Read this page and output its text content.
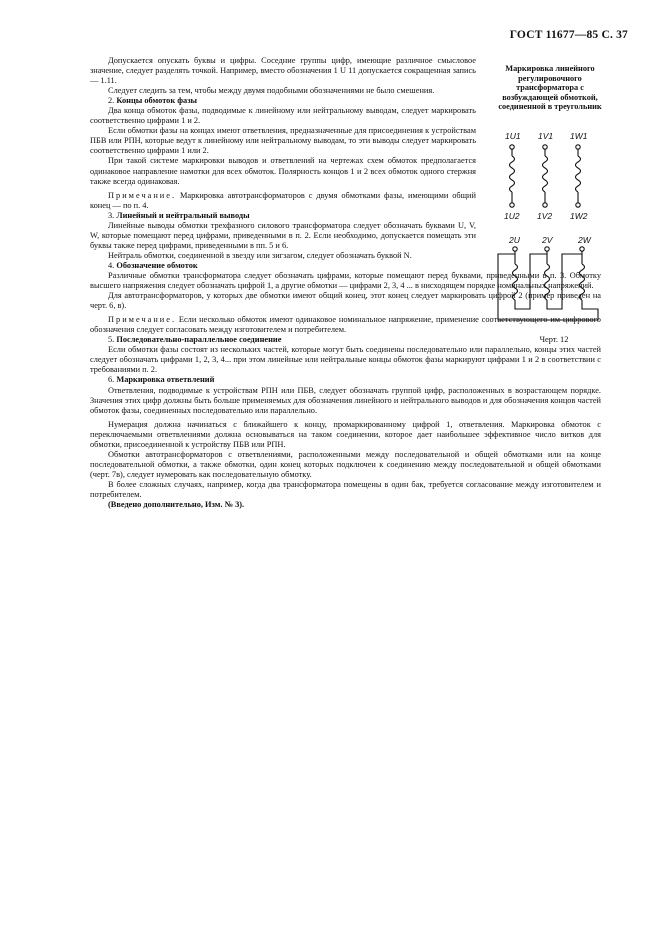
ГОСТ 11677—85 С. 37

Допускается опускать буквы и цифры. Соседние группы цифр, имеющие различное смысловое значение, следует разделять точкой. Например, вместо обозначения 1 U 11 допускается сокращенная запись — 1.11.

Следует следить за тем, чтобы между двумя подобными обозначениями не было смешения.

2. Концы обмоток фазы

Два конца обмоток фазы, подводимые к линейному или нейтральному выводам, следует маркировать соответственно цифрами 1 и 2.

Если обмотки фазы на концах имеют ответвления, предназначенные для присоединения к устройствам ПБВ или РПН, которые ведут к линейному или нейтральному выводам, то эти выводы следует маркировать соответственно цифрами 1 или 2.

При такой системе маркировки выводов и ответвлений на чертежах схем обмоток предполагается одинаковое направление намотки для всех обмоток. Полярность концов 1 и 2 всех обмоток одного стержня также всегда одинаковая.

Примечание. Маркировка автотрансформаторов с двумя обмотками фазы, имеющими общий конец — по п. 4.

3. Линейный и нейтральный выводы

Линейные выводы обмотки трехфазного силового трансформатора следует обозначать буквами U, V, W, которые помещают перед цифрами, приведенными в п. 2. Если необходимо, допускается помещать эти буквы также перед цифрами, приведенными в пп. 5 и 6.

Нейтраль обмотки, соединенной в звезду или зигзагом, следует обозначать буквой N.

4. Обозначение обмоток

Различные обмотки трансформатора следует обозначать цифрами, которые помещают перед буквами, приведенными в п. 3. Обмотку высшего напряжения следует обозначать цифрой 1, а другие обмотки — цифрами 2, 3, 4 ... в нисходящем порядке номинальных напряжений.

Для автотрансформаторов, у которых две обмотки имеют общий конец, этот конец следует маркировать цифрой 2 (пример приведен на черт. 6, в).

Примечание. Если несколько обмоток имеют одинаковое номинальное напряжение, применение соответствующего им цифрового обозначения следует согласовать между изготовителем и потребителем.

5. Последовательно-параллельное соединение

Если обмотки фазы состоят из нескольких частей, которые могут быть соединены последовательно или параллельно, концы этих частей следует обозначать цифрами 1, 2, 3, 4... при этом линейные или нейтральные концы обмоток фазы маркируют цифрами 1 и 2 в соответствии с требованиями п. 2.

6. Маркировка ответвлений

Ответвления, подводимые к устройствам РПН или ПБВ, следует обозначать группой цифр, расположенных в возрастающем порядке. Значения этих цифр должны быть больше применяемых для обозначения линейного и нейтрального выводов и для обозначения концов частей обмоток фазы, соединенных последовательно или параллельно.

Нумерация должна начинаться с ближайшего к концу, промаркированному цифрой 1, ответвления. Маркировка обмоток с переключаемыми ответвлениями должна основываться на таком соединении, которое дает наибольшее эффективное число витков для обмотки, присоединенной к устройству ПБВ или РПН.

Обмотки автотрансформаторов с ответвлениями, расположенными между последовательной и общей обмотками или на конце последовательной обмотки, а также обмотки, один конец которых подключен к соединению между последовательной и общей обмотками (черт. 7в), следует нумеровать как последовательную обмотку.

В более сложных случаях, например, когда два трансформатора помещены в один бак, требуется согласование между изготовителем и потребителем.

(Введено дополнительно, Изм. № 3).

Маркировка линейного регулировочного трансформатора с возбуждающей обмоткой, соединенной в треугольник
1U1 1V1 1W1
1U2 1V2 1W2
2U	2V	2W
Черт. 12
